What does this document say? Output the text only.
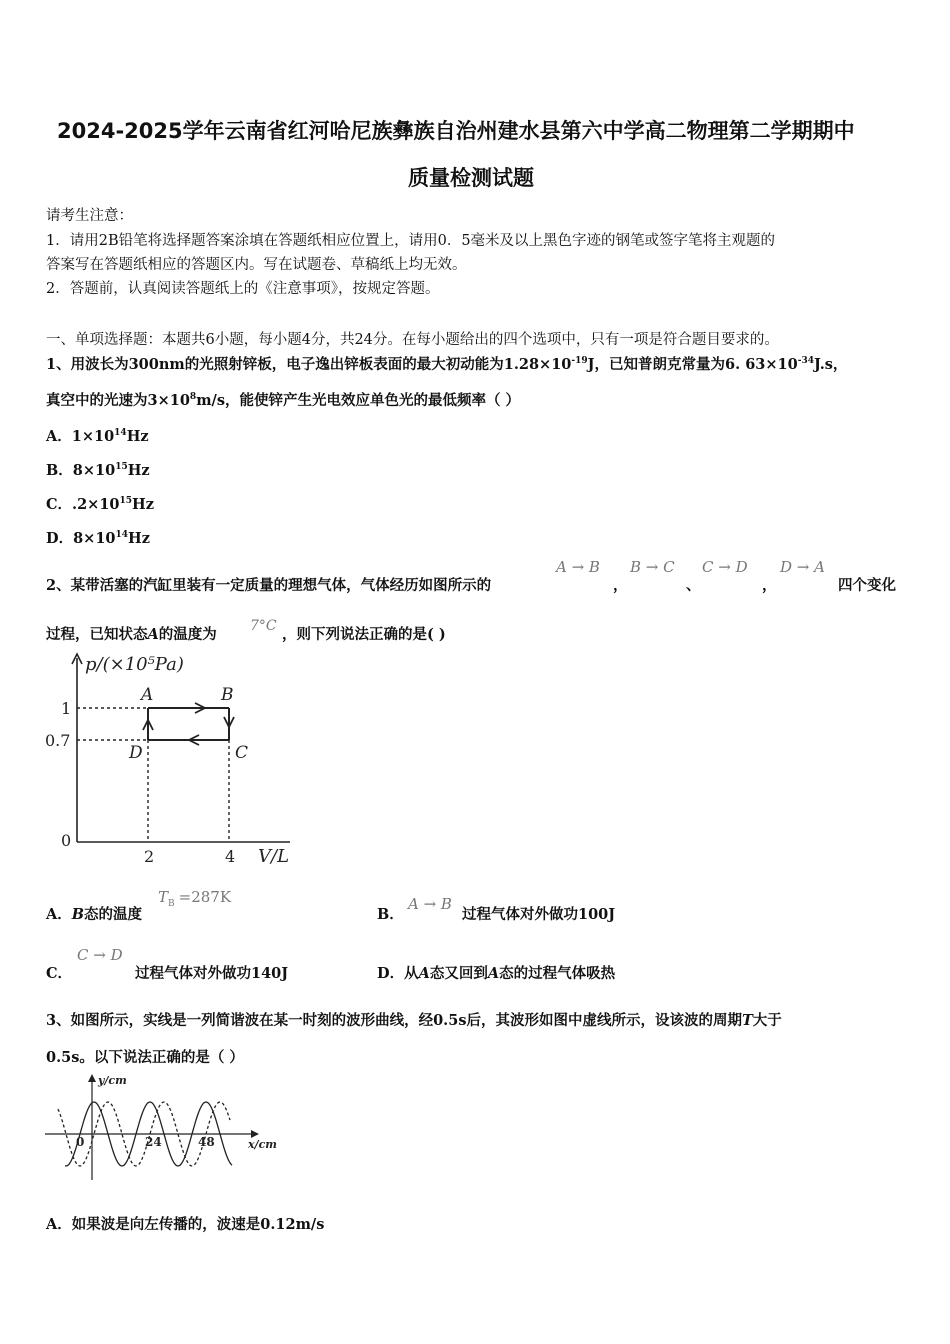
2024-2025学年云南省红河哈尼族彝族自治州建水县第六中学高二物理第二学期期中
质量检测试题
请考生注意：
1．请用2B铅笔将选择题答案涂填在答题纸相应位置上，请用0．5毫米及以上黑色字迹的钢笔或签字笔将主观题的
答案写在答题纸相应的答题区内。写在试题卷、草稿纸上均无效。
2．答题前，认真阅读答题纸上的《注意事项》，按规定答题。
一、单项选择题：本题共6小题，每小题4分，共24分。在每小题给出的四个选项中，只有一项是符合题目要求的。
1、用波长为300nm的光照射锌板，电子逸出锌板表面的最大初动能为$1.28\times 10^{-19}J$，已知普朗克常量为6. $63\times 10^{-34}J.s$，
真空中的光速为$3\times 10^8m/s$，能使锌产生光电效应单色光的最低频率（ ）
A．$1\times 10^{14}Hz$
B．$8\times 10^{15}Hz$
C．$.2\times 10^{15}Hz$
D．$8\times 10^{14}Hz$
2、某带活塞的汽缸里装有一定质量的理想气体，气体经历如图所示的
A → B
，
B → C
、
C → D
，
D → A
四个变化
过程，已知状态A的温度为 7°C ，则下列说法正确的是( )
p/(×10⁵Pa)
V/L
1
0.7
0
2	4
A	B
C
D
A．B态的温度
$T_B =287K$
B．
A → B
过程气体对外做功100J
C．
C → D
过程气体对外做功140J	D．从A态又回到A态的过程气体吸热
3、如图所示，实线是一列简谐波在某一时刻的波形曲线，经0.5s后，其波形如图中虚线所示，设该波的周期T大于
0.5s。以下说法正确的是（ ）
y/cm
x/cm
0	24	48
A．如果波是向左传播的，波速是0.12m/s
